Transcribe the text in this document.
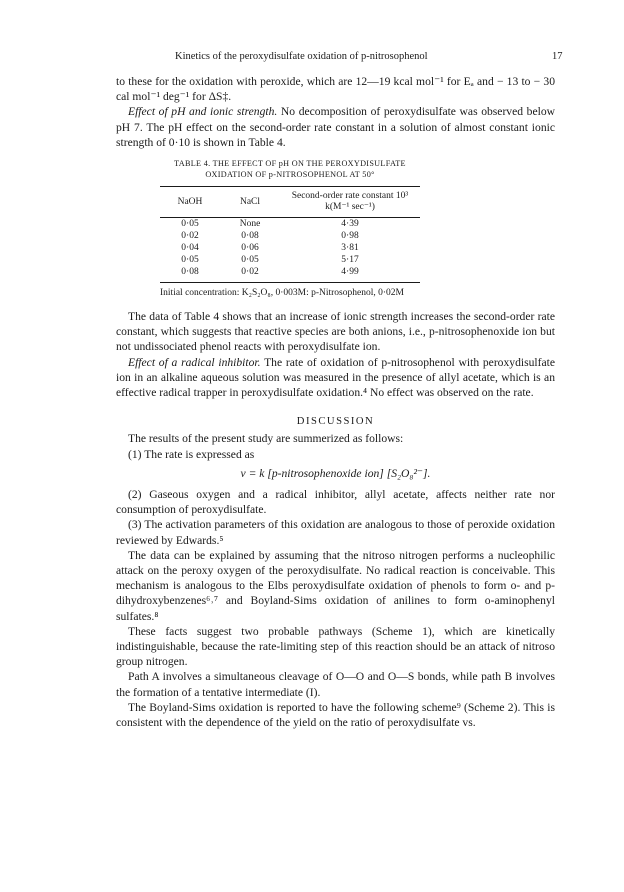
Kinetics of the peroxydisulfate oxidation of p-nitrosophenol	17

to these for the oxidation with peroxide, which are 12—19 kcal mol⁻¹ for Eₐ and − 13 to − 30 cal mol⁻¹ deg⁻¹ for ΔS‡.

Effect of pH and ionic strength. No decomposition of peroxydisulfate was observed below pH 7. The pH effect on the second-order rate constant in a solution of almost constant ionic strength of 0·10 is shown in Table 4.

TABLE 4. THE EFFECT OF pH ON THE PEROXYDISULFATE OXIDATION OF p-NITROSOPHENOL AT 50°
NaOH	NaCl	Second-order rate constant 10³ k(M⁻¹ sec⁻¹)
0·05	None	4·39
0·02	0·08	0·98
0·04	0·06	3·81
0·05	0·05	5·17
0·08	0·02	4·99
Initial concentration: K₂S₂O₈, 0·003M: p-Nitrosophenol, 0·02M

The data of Table 4 shows that an increase of ionic strength increases the second-order rate constant, which suggests that reactive species are both anions, i.e., p-nitrosophenoxide ion but not undissociated phenol reacts with peroxydisulfate ion.

Effect of a radical inhibitor. The rate of oxidation of p-nitrosophenol with peroxydisulfate ion in an alkaline aqueous solution was measured in the presence of allyl acetate, which is an effective radical trapper in peroxydisulfate oxidation.⁴ No effect was observed on the rate.

DISCUSSION

The results of the present study are summerized as follows:

(1) The rate is expressed as

v = k [p-nitrosophenoxide ion] [S₂O₈²⁻].

(2) Gaseous oxygen and a radical inhibitor, allyl acetate, affects neither rate nor consumption of peroxydisulfate.

(3) The activation parameters of this oxidation are analogous to those of peroxide oxidation reviewed by Edwards.⁵

The data can be explained by assuming that the nitroso nitrogen performs a nucleophilic attack on the peroxy oxygen of the peroxydisulfate. No radical reaction is conceivable. This mechanism is analogous to the Elbs peroxydisulfate oxidation of phenols to form o- and p-dihydroxybenzenes⁶˒⁷ and Boyland-Sims oxidation of anilines to form o-aminophenyl sulfates.⁸

These facts suggest two probable pathways (Scheme 1), which are kinetically indistinguishable, because the rate-limiting step of this reaction should be an attack of nitroso group nitrogen.

Path A involves a simultaneous cleavage of O—O and O—S bonds, while path B involves the formation of a tentative intermediate (I).

The Boyland-Sims oxidation is reported to have the following scheme⁹ (Scheme 2). This is consistent with the dependence of the yield on the ratio of peroxydisulfate vs.
